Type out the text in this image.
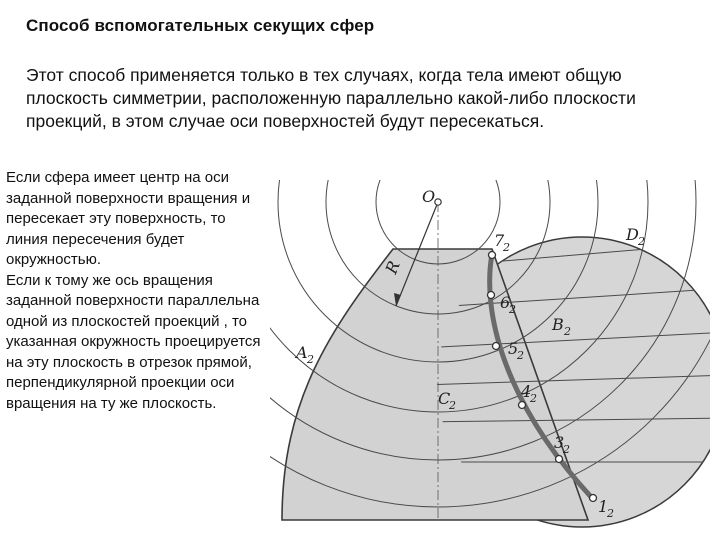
Способ вспомогательных секущих сфер
Этот способ применяется только в тех случаях, когда тела имеют общую плоскость симметрии, расположенную параллельно какой-либо плоскости проекций, в этом случае оси поверхностей будут пересекаться.

Если сфера имеет центр на оси заданной поверхности вращения и пересекает эту поверхность, то линия пересечения будет окружностью.

Если к тому же ось вращения заданной поверхности параллельна одной из плоскостей проекций , то указанная окружность проецируется на эту плоскость в отрезок прямой, перпендикулярной проекции оси вращения на ту же плоскость.

O
R
A 2
C
2
D 2
B 2
7
2
6
2
5
2
4
2
3
2
1
2
